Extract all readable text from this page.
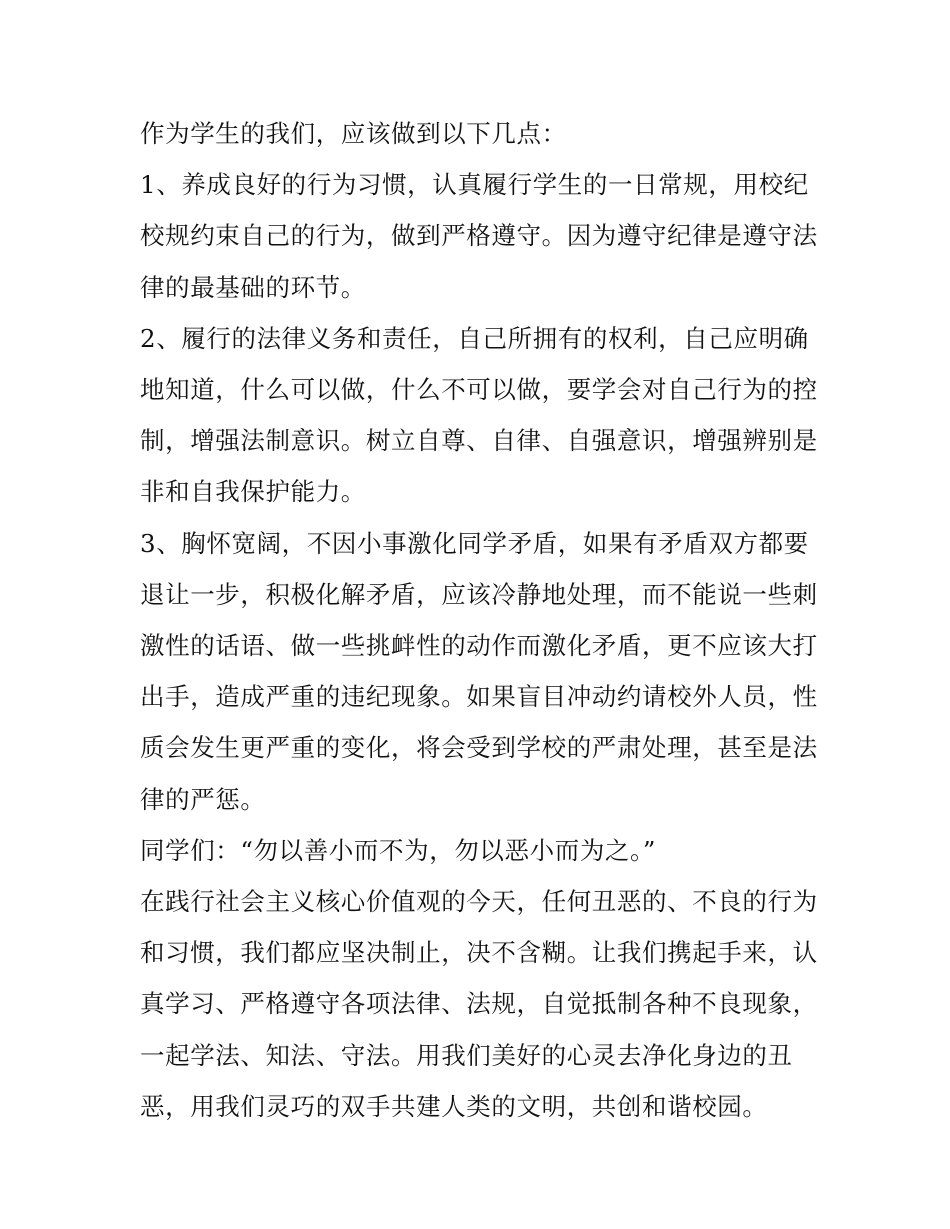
作为学生的我们，应该做到以下几点：

1、养成良好的行为习惯，认真履行学生的一日常规，用校纪校规约束自己的行为，做到严格遵守。因为遵守纪律是遵守法律的最基础的环节。

2、履行的法律义务和责任，自己所拥有的权利，自己应明确地知道，什么可以做，什么不可以做，要学会对自己行为的控制，增强法制意识。树立自尊、自律、自强意识，增强辨别是非和自我保护能力。

3、胸怀宽阔，不因小事激化同学矛盾，如果有矛盾双方都要退让一步，积极化解矛盾，应该冷静地处理，而不能说一些刺激性的话语、做一些挑衅性的动作而激化矛盾，更不应该大打出手，造成严重的违纪现象。如果盲目冲动约请校外人员，性质会发生更严重的变化，将会受到学校的严肃处理，甚至是法律的严惩。

同学们：“勿以善小而不为，勿以恶小而为之。”

在践行社会主义核心价值观的今天，任何丑恶的、不良的行为和习惯，我们都应坚决制止，决不含糊。让我们携起手来，认真学习、严格遵守各项法律、法规，自觉抵制各种不良现象，一起学法、知法、守法。用我们美好的心灵去净化身边的丑恶，用我们灵巧的双手共建人类的文明，共创和谐校园。
